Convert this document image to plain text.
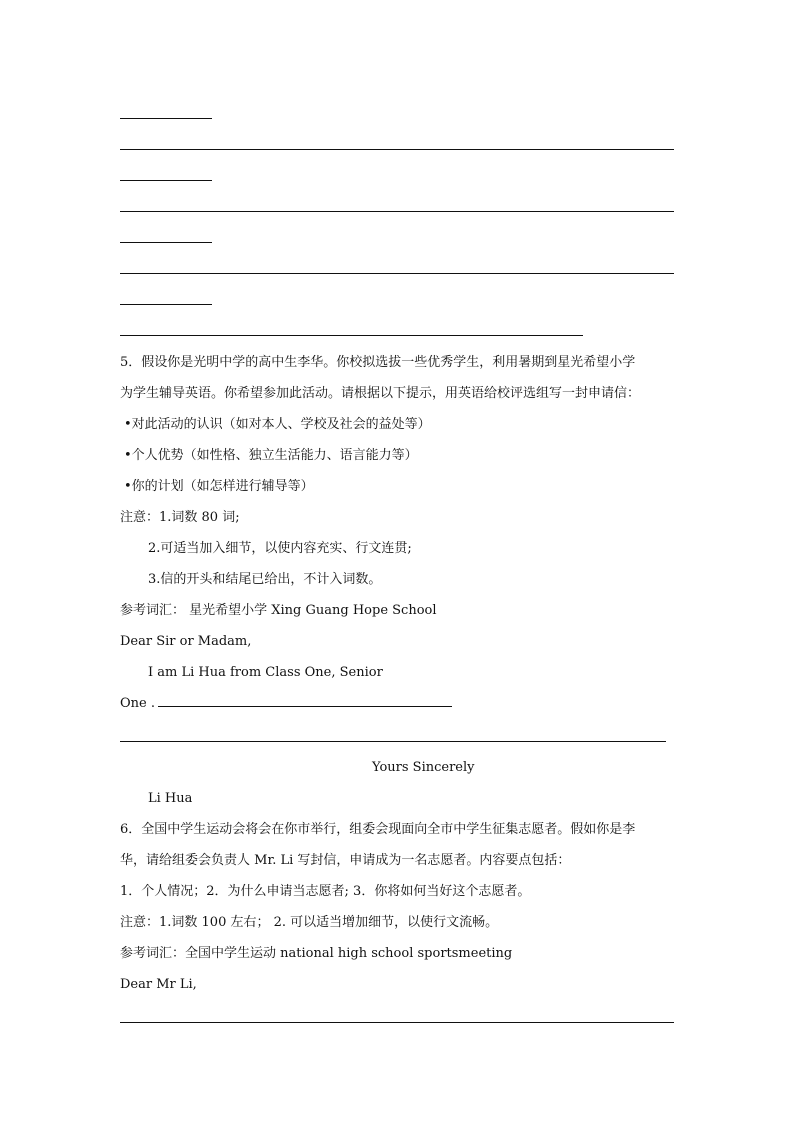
5．假设你是光明中学的高中生李华。你校拟选拔一些优秀学生，利用暑期到星光希望小学
为学生辅导英语。你希望参加此活动。请根据以下提示，用英语给校评选组写一封申请信：
•对此活动的认识（如对本人、学校及社会的益处等）
•个人优势（如性格、独立生活能力、语言能力等）
•你的计划（如怎样进行辅导等）
注意：1.词数 80 词;
2.可适当加入细节，以使内容充实、行文连贯;
3.信的开头和结尾已给出，不计入词数。
参考词汇： 星光希望小学 Xing Guang Hope School
Dear Sir or Madam,
I am Li Hua from Class One, Senior
One .
Yours Sincerely
Li Hua
6．全国中学生运动会将会在你市举行，组委会现面向全市中学生征集志愿者。假如你是李
华，请给组委会负责人 Mr. Li 写封信，申请成为一名志愿者。内容要点包括：
1．个人情况；2．为什么申请当志愿者; 3．你将如何当好这个志愿者。
注意：1.词数 100 左右； 2. 可以适当增加细节，以使行文流畅。
参考词汇：全国中学生运动 national high school sportsmeeting
Dear Mr Li,
